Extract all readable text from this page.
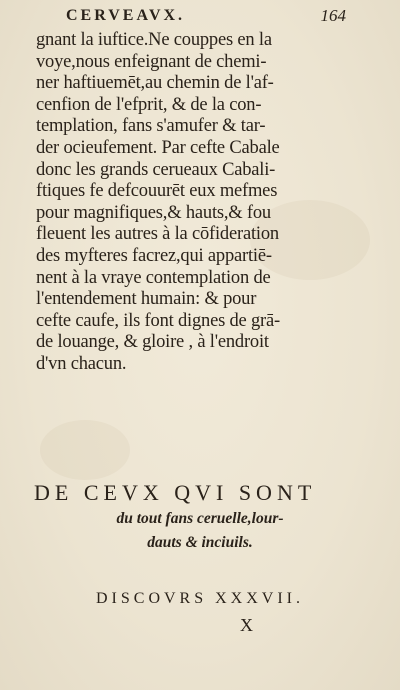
CERVEAVX.	164
gnant la iuftice.Ne couppes en la
voye,nous enfeignant de chemi-
ner haftiuemēt,au chemin de l'af-
cenfion de l'efprit, & de la con-
templation, fans s'amufer & tar-
der ocieufement. Par cefte Cabale
donc les grands cerueaux Cabali-
ftiques fe defcouurēt eux mefmes
pour magnifiques,& hauts,& fou
fleuent les autres à la cōfideration
des myfteres facrez,qui appartiē-
nent à la vraye contemplation de
l'entendement humain: & pour
cefte caufe, ils font dignes de grā-
de louange, & gloire , à l'endroit
d'vn chacun.
DE CEVX QVI SONT
du tout fans ceruelle,lour-
dauts & inciuils.
DISCOVRS XXXVII.
X
